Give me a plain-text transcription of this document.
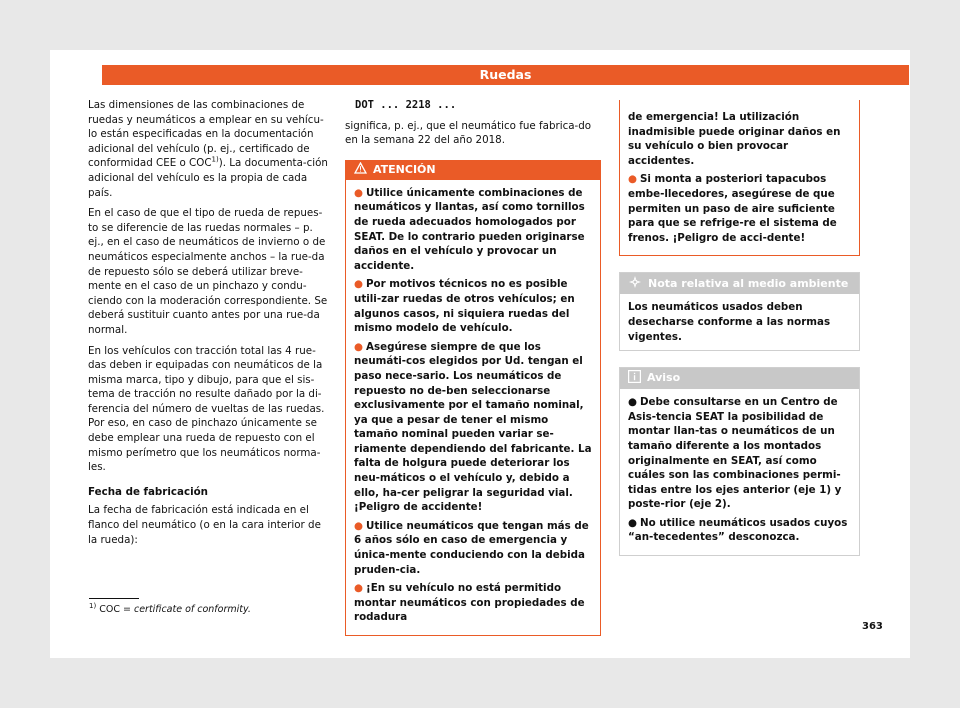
Ruedas

Las dimensiones de las combinaciones de ruedas y neumáticos a emplear en su vehícu-lo están especificadas en la documentación adicional del vehículo (p. ej., certificado de conformidad CEE o COC$^{1)}$). La documenta-ción adicional del vehículo es la propia de cada país.

En el caso de que el tipo de rueda de repues-to se diferencie de las ruedas normales – p. ej., en el caso de neumáticos de invierno o de neumáticos especialmente anchos – la rue-da de repuesto sólo se deberá utilizar breve-mente en el caso de un pinchazo y condu-ciendo con la moderación correspondiente. Se deberá sustituir cuanto antes por una rue-da normal.

En los vehículos con tracción total las 4 rue-das deben ir equipadas con neumáticos de la misma marca, tipo y dibujo, para que el sis-tema de tracción no resulte dañado por la di-ferencia del número de vueltas de las ruedas. Por eso, en caso de pinchazo únicamente se debe emplear una rueda de repuesto con el mismo perímetro que los neumáticos norma-les.

Fecha de fabricación

La fecha de fabricación está indicada en el flanco del neumático (o en la cara interior de la rueda):

DOT ... 2218 ...

significa, p. ej., que el neumático fue fabrica-do en la semana 22 del año 2018.

ATENCIÓN
● Utilice únicamente combinaciones de neumáticos y llantas, así como tornillos de rueda adecuados homologados por SEAT. De lo contrario pueden originarse daños en el vehículo y provocar un accidente.
● Por motivos técnicos no es posible utili-zar ruedas de otros vehículos; en algunos casos, ni siquiera ruedas del mismo modelo de vehículo.
● Asegúrese siempre de que los neumáti-cos elegidos por Ud. tengan el paso nece-sario. Los neumáticos de repuesto no de-ben seleccionarse exclusivamente por el tamaño nominal, ya que a pesar de tener el mismo tamaño nominal pueden variar se-riamente dependiendo del fabricante. La falta de holgura puede deteriorar los neu-máticos o el vehículo y, debido a ello, ha-cer peligrar la seguridad vial. ¡Peligro de accidente!
● Utilice neumáticos que tengan más de 6 años sólo en caso de emergencia y única-mente conduciendo con la debida pruden-cia.
● ¡En su vehículo no está permitido montar neumáticos con propiedades de rodadura
de emergencia! La utilización inadmisible puede originar daños en su vehículo o bien provocar accidentes.
● Si monta a posteriori tapacubos embe-llecedores, asegúrese de que permiten un paso de aire suficiente para que se refrige-re el sistema de frenos. ¡Peligro de acci-dente!
Nota relativa al medio ambiente
Los neumáticos usados deben desecharse conforme a las normas vigentes.
Aviso
● Debe consultarse en un Centro de Asis-tencia SEAT la posibilidad de montar llan-tas o neumáticos de un tamaño diferente a los montados originalmente en SEAT, así como cuáles son las combinaciones permi-tidas entre los ejes anterior (eje 1) y poste-rior (eje 2).
● No utilice neumáticos usados cuyos “an-tecedentes” desconozca.
$^{1)}$ COC = certificate of conformity.
363
